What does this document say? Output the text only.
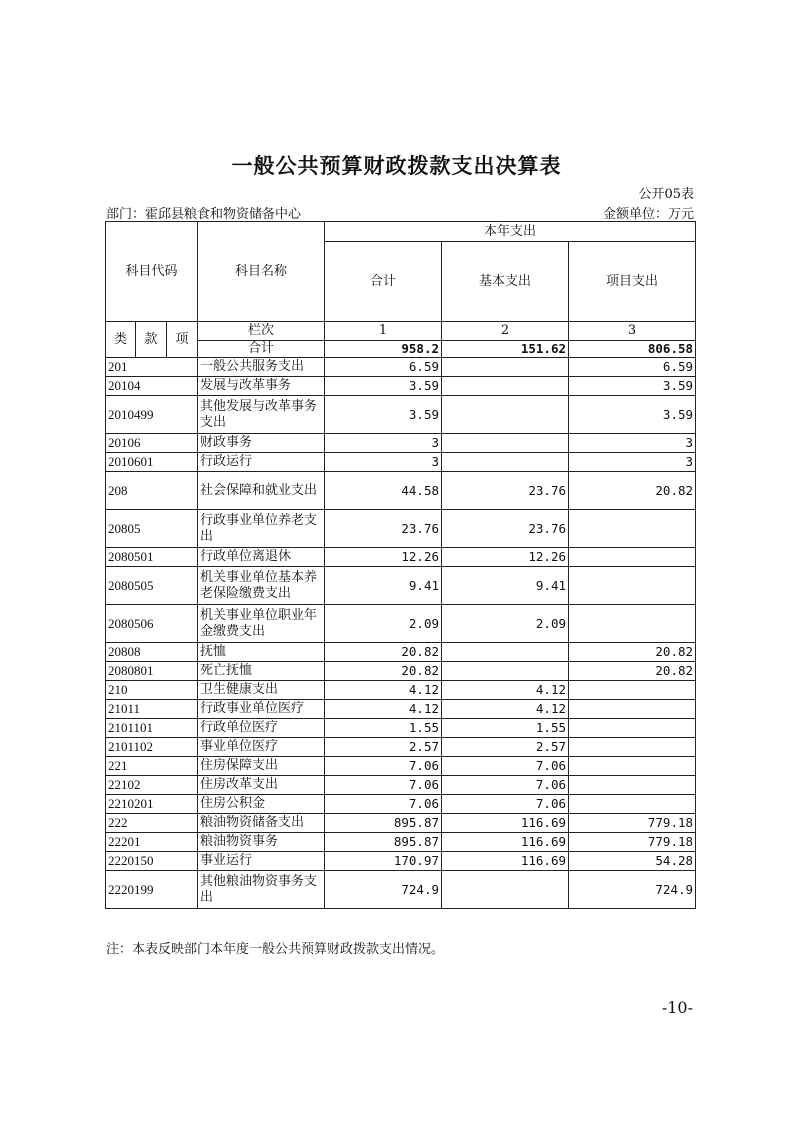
一般公共预算财政拨款支出决算表
公开05表
部门：霍邱县粮食和物资储备中心	金额单位：万元
科目代码			科目名称	本年支出		
				合计	基本支出	项目支出

类	款	项	栏次	1	2	3
			合计	958.2	151.62	806.58
201			一般公共服务支出	6.59		6.59
20104			发展与改革事务	3.59		3.59
2010499			其他发展与改革事务支出	3.59		3.59
20106			财政事务	3		3
2010601			行政运行	3		3
208			社会保障和就业支出	44.58	23.76	20.82
20805			行政事业单位养老支出	23.76	23.76	
2080501			行政单位离退休	12.26	12.26	
2080505			机关事业单位基本养老保险缴费支出	9.41	9.41	
2080506			机关事业单位职业年金缴费支出	2.09	2.09	
20808			抚恤	20.82		20.82
2080801			死亡抚恤	20.82		20.82
210			卫生健康支出	4.12	4.12	
21011			行政事业单位医疗	4.12	4.12	
2101101			行政单位医疗	1.55	1.55	
2101102			事业单位医疗	2.57	2.57	
221			住房保障支出	7.06	7.06	
22102			住房改革支出	7.06	7.06	
2210201			住房公积金	7.06	7.06	
222			粮油物资储备支出	895.87	116.69	779.18
22201			粮油物资事务	895.87	116.69	779.18
2220150			事业运行	170.97	116.69	54.28
2220199			其他粮油物资事务支出	724.9		724.9
注：本表反映部门本年度一般公共预算财政拨款支出情况。
-10-
